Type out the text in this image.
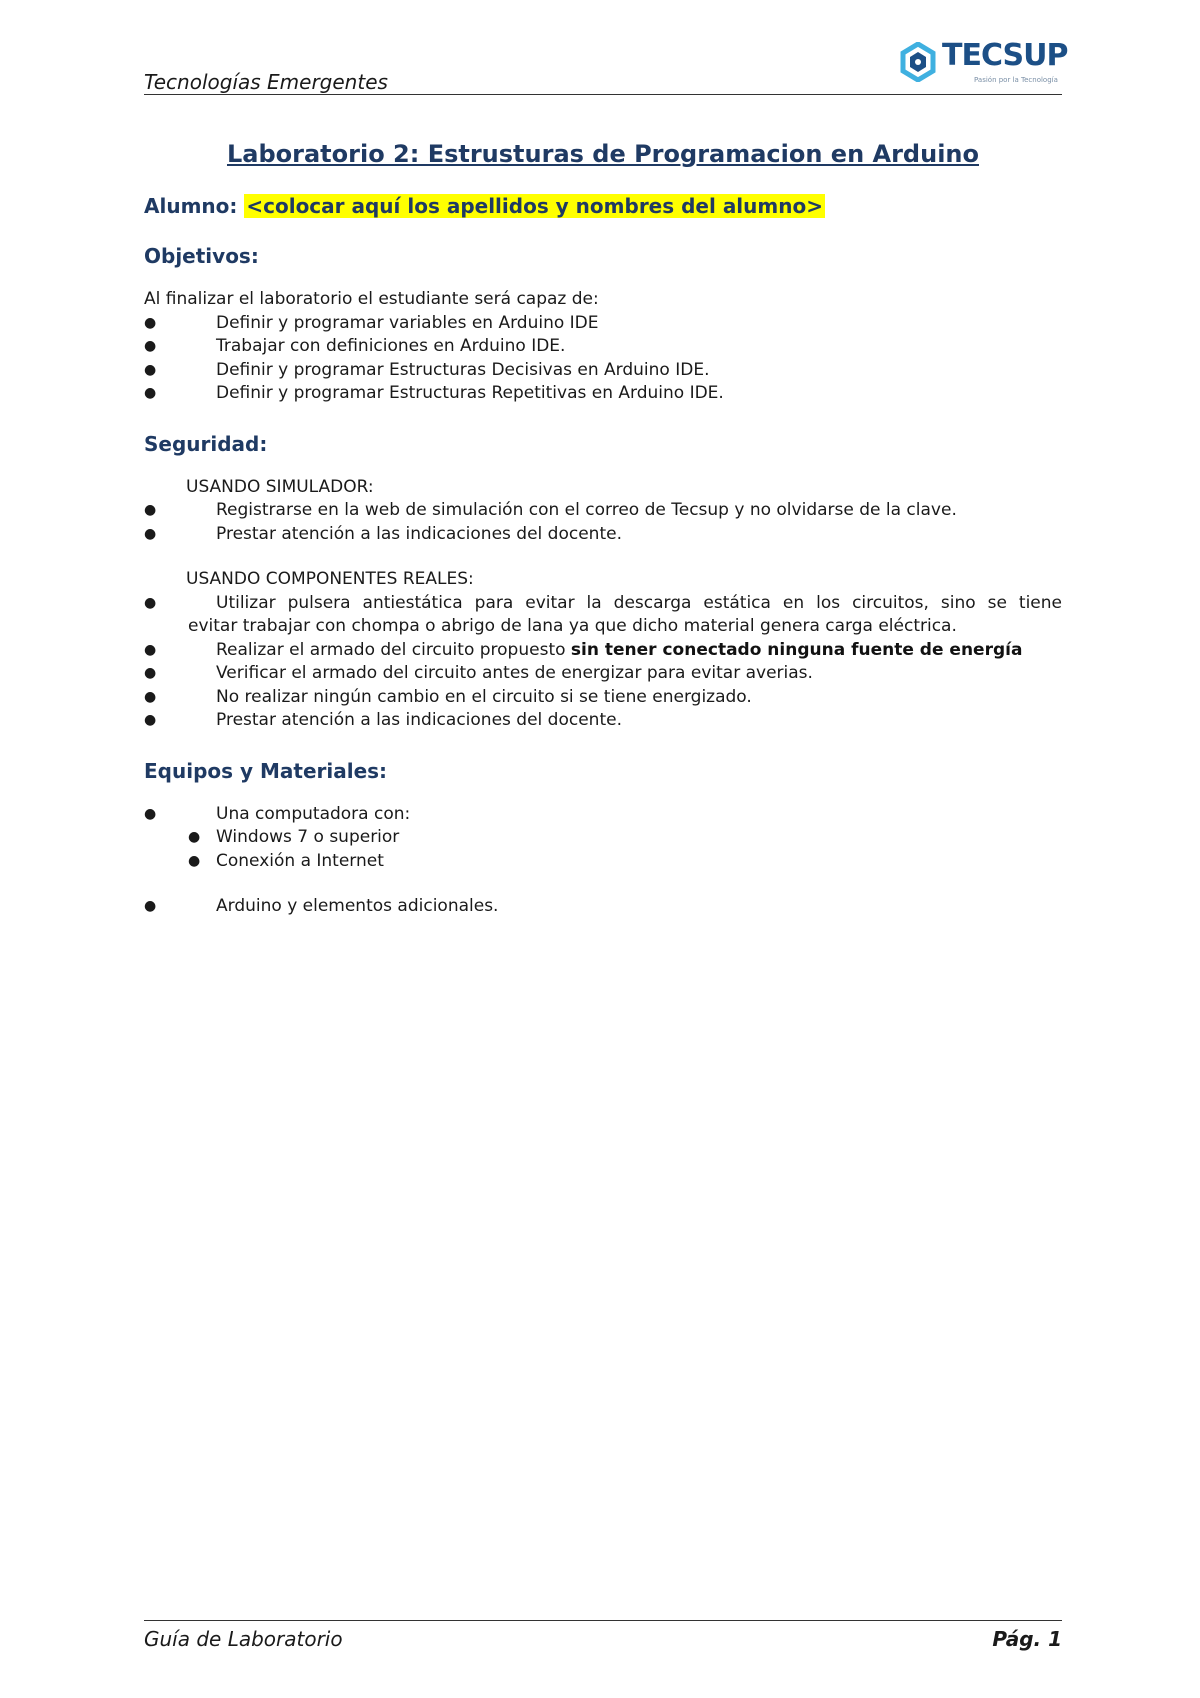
Tecnologías Emergentes
TECSUP
Pasión por la Tecnología
Laboratorio 2: Estrusturas de Programacion en Arduino
Alumno: <colocar aquí los apellidos y nombres del alumno>
Objetivos:

Al finalizar el laboratorio el estudiante será capaz de:

●	Definir y programar variables en Arduino IDE
●	Trabajar con definiciones en Arduino IDE.
●	Definir y programar Estructuras Decisivas en Arduino IDE.
●	Definir y programar Estructuras Repetitivas en Arduino IDE.
Seguridad:

USANDO SIMULADOR:

●	Registrarse en la web de simulación con el correo de Tecsup y no olvidarse de la clave.
●	Prestar atención a las indicaciones del docente.

USANDO COMPONENTES REALES:

●	Utilizar pulsera antiestática para evitar la descarga estática en los circuitos, sino se tiene
evitar trabajar con chompa o abrigo de lana ya que dicho material genera carga eléctrica.
●	Realizar el armado del circuito propuesto sin tener conectado ninguna fuente de energía
●	Verificar el armado del circuito antes de energizar para evitar averias.
●	No realizar ningún cambio en el circuito si se tiene energizado.
●	Prestar atención a las indicaciones del docente.
Equipos y Materiales:
●	Una computadora con:
● Windows 7 o superior
● Conexión a Internet
●	Arduino y elementos adicionales.
Guía de Laboratorio	Pág. 1
